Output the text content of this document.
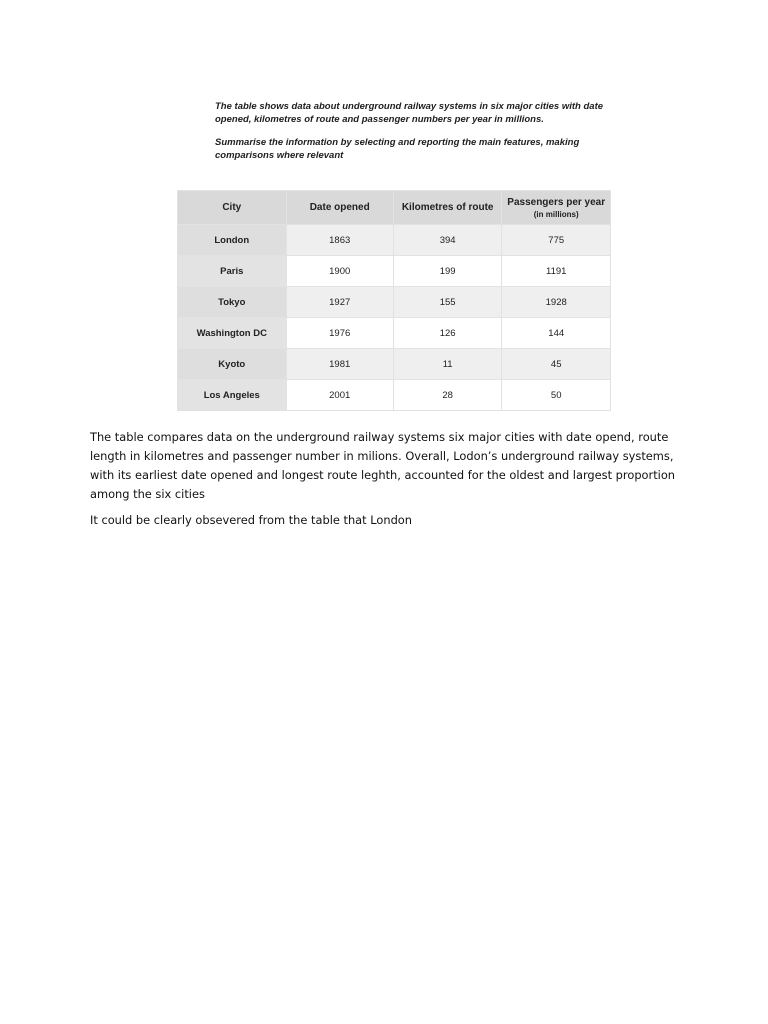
The table shows data about underground railway systems in six major cities with date opened, kilometres of route and passenger numbers per year in millions.

Summarise the information by selecting and reporting the main features, making comparisons where relevant

City	Date opened	Kilometres of route	Passengers per year
(in millions)

London	1863	394	775
Paris	1900	199	1191
Tokyo	1927	155	1928
Washington DC	1976	126	144
Kyoto	1981	11	45
Los Angeles	2001	28	50

The table compares data on the underground railway systems six major cities with date opend, route length in kilometres and passenger number in milions. Overall, Lodon’s underground railway systems, with its earliest date opened and longest route leghth, accounted for the oldest and largest proportion among the six cities

It could be clearly obsevered from the table that London
